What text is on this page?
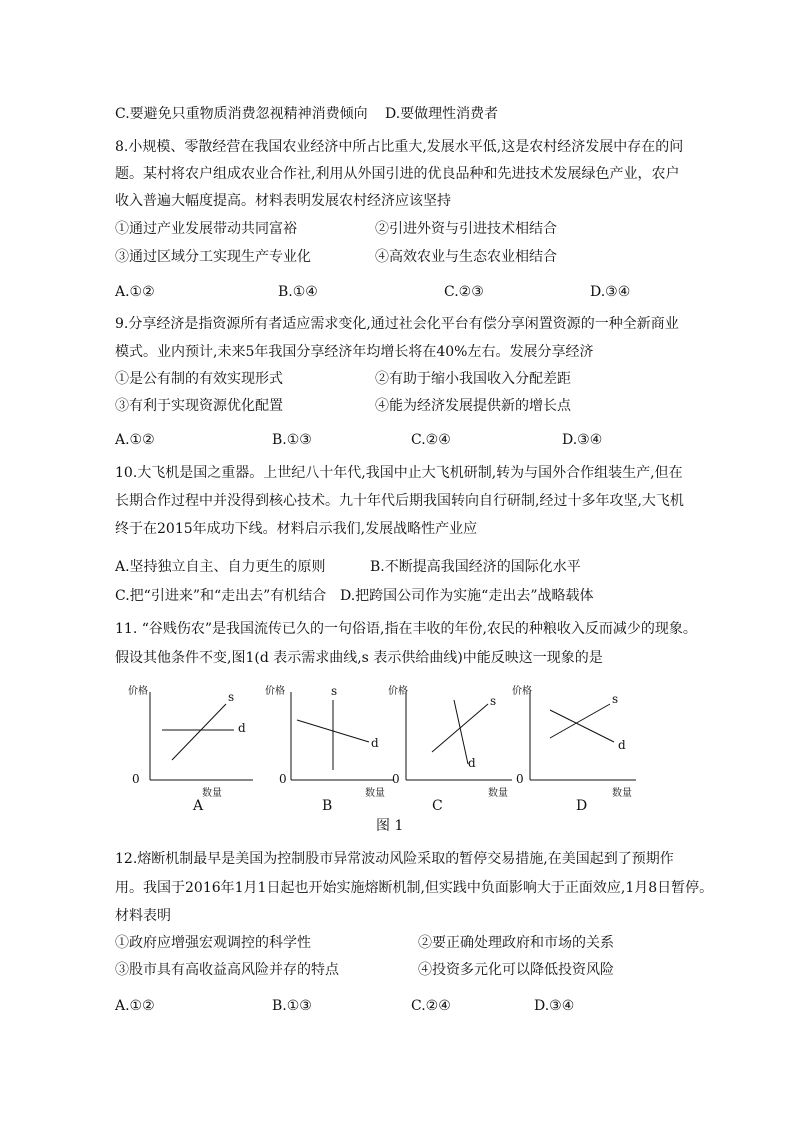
C.要避免只重物质消费忽视精神消费倾向 D.要做理性消费者
8.小规模、零散经营在我国农业经济中所占比重大,发展水平低,这是农村经济发展中存在的问
题。某村将农户组成农业合作社,利用从外国引进的优良品种和先进技术发展绿色产业，农户
收入普遍大幅度提高。材料表明发展农村经济应该坚持
①通过产业发展带动共同富裕	②引进外资与引进技术相结合
③通过区域分工实现生产专业化	④高效农业与生态农业相结合
A.①②	B.①④	C.②③	D.③④
9.分享经济是指资源所有者适应需求变化,通过社会化平台有偿分享闲置资源的一种全新商业
模式。业内预计,未来5年我国分享经济年均增长将在40%左右。发展分享经济
①是公有制的有效实现形式	②有助于缩小我国收入分配差距
③有利于实现资源优化配置	④能为经济发展提供新的增长点
A.①②	B.①③	C.②④	D.③④
10.大飞机是国之重器。上世纪八十年代,我国中止大飞机研制,转为与国外合作组装生产,但在
长期合作过程中并没得到核心技术。九十年代后期我国转向自行研制,经过十多年攻坚,大飞机
终于在2015年成功下线。材料启示我们,发展战略性产业应
A.坚持独立自主、自力更生的原则	B.不断提高我国经济的国际化水平
C.把“引进来”和“走出去”有机结合 D.把跨国公司作为实施“走出去”战略载体
11. “谷贱伤农”是我国流传已久的一句俗语,指在丰收的年份,农民的种粮收入反而减少的现象。
假设其他条件不变,图1(d 表示需求曲线,s 表示供给曲线)中能反映这一现象的是
价格
0
数量
s
d
A
价格
0
数量
s
d
B
价格
0
数量
s
d
C
价格
0
数量
s
d
D
图 1
12.熔断机制最早是美国为控制股市异常波动风险采取的暂停交易措施,在美国起到了预期作
用。我国于2016年1月1日起也开始实施熔断机制,但实践中负面影响大于正面效应,1月8日暂停。
材料表明
①政府应增强宏观调控的科学性	②要正确处理政府和市场的关系
③股市具有高收益高风险并存的特点	④投资多元化可以降低投资风险
A.①②	B.①③	C.②④	D.③④
